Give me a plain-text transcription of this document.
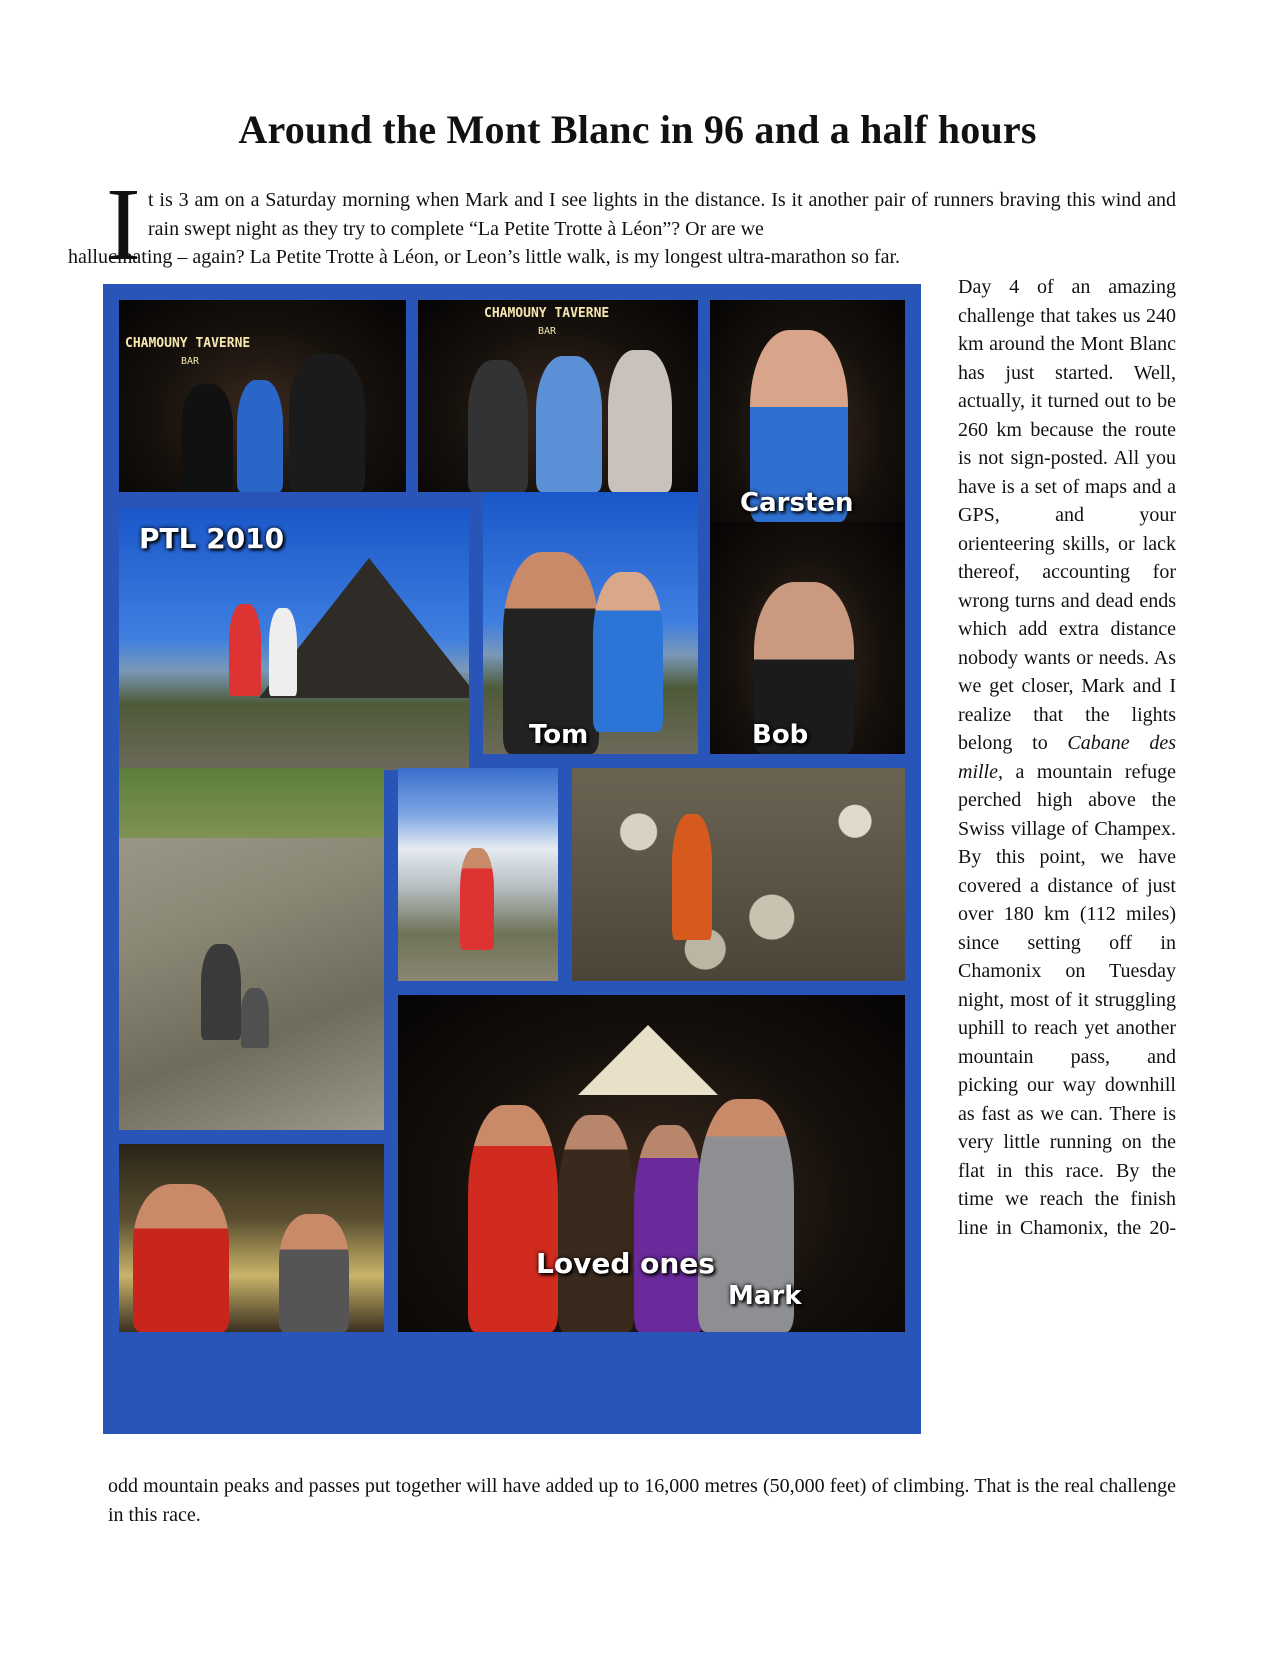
Around the Mont Blanc in 96 and a half hours
I t is 3 am on a Saturday morning when Mark and I see lights in the distance. Is it another pair of runners braving this wind and rain swept night as they try to complete “La Petite Trotte à Léon”? Or are we
hallucinating – again? La Petite Trotte à Léon, or Leon’s little walk, is my longest ultra-marathon so far.
Day 4 of an amazing challenge that takes us 240 km around the Mont Blanc has just started. Well, actually, it turned out to be 260 km because the route is not sign-posted. All you have is a set of maps and a GPS, and your orienteering skills, or lack thereof, accounting for wrong turns and dead ends which add extra distance nobody wants or needs. As we get closer, Mark and I realize that the lights belong to Cabane des mille, a mountain refuge perched high above the Swiss village of Champex. By this point, we have covered a distance of just over 180 km (112 miles) since setting off in Chamonix on Tuesday night, most of it struggling uphill to reach yet another mountain pass, and picking our way downhill as fast as we can. There is very little running on the flat in this race. By the time we reach the finish line in Chamonix, the 20-
odd mountain peaks and passes put together will have added up to 16,000 metres (50,000 feet) of climbing. That is the real challenge in this race.
CHAMOUNY TAVERNE
BAR
CHAMOUNY TAVERNE
BAR
Carsten
PTL 2010
Tom	Bob
Loved ones
Mark
